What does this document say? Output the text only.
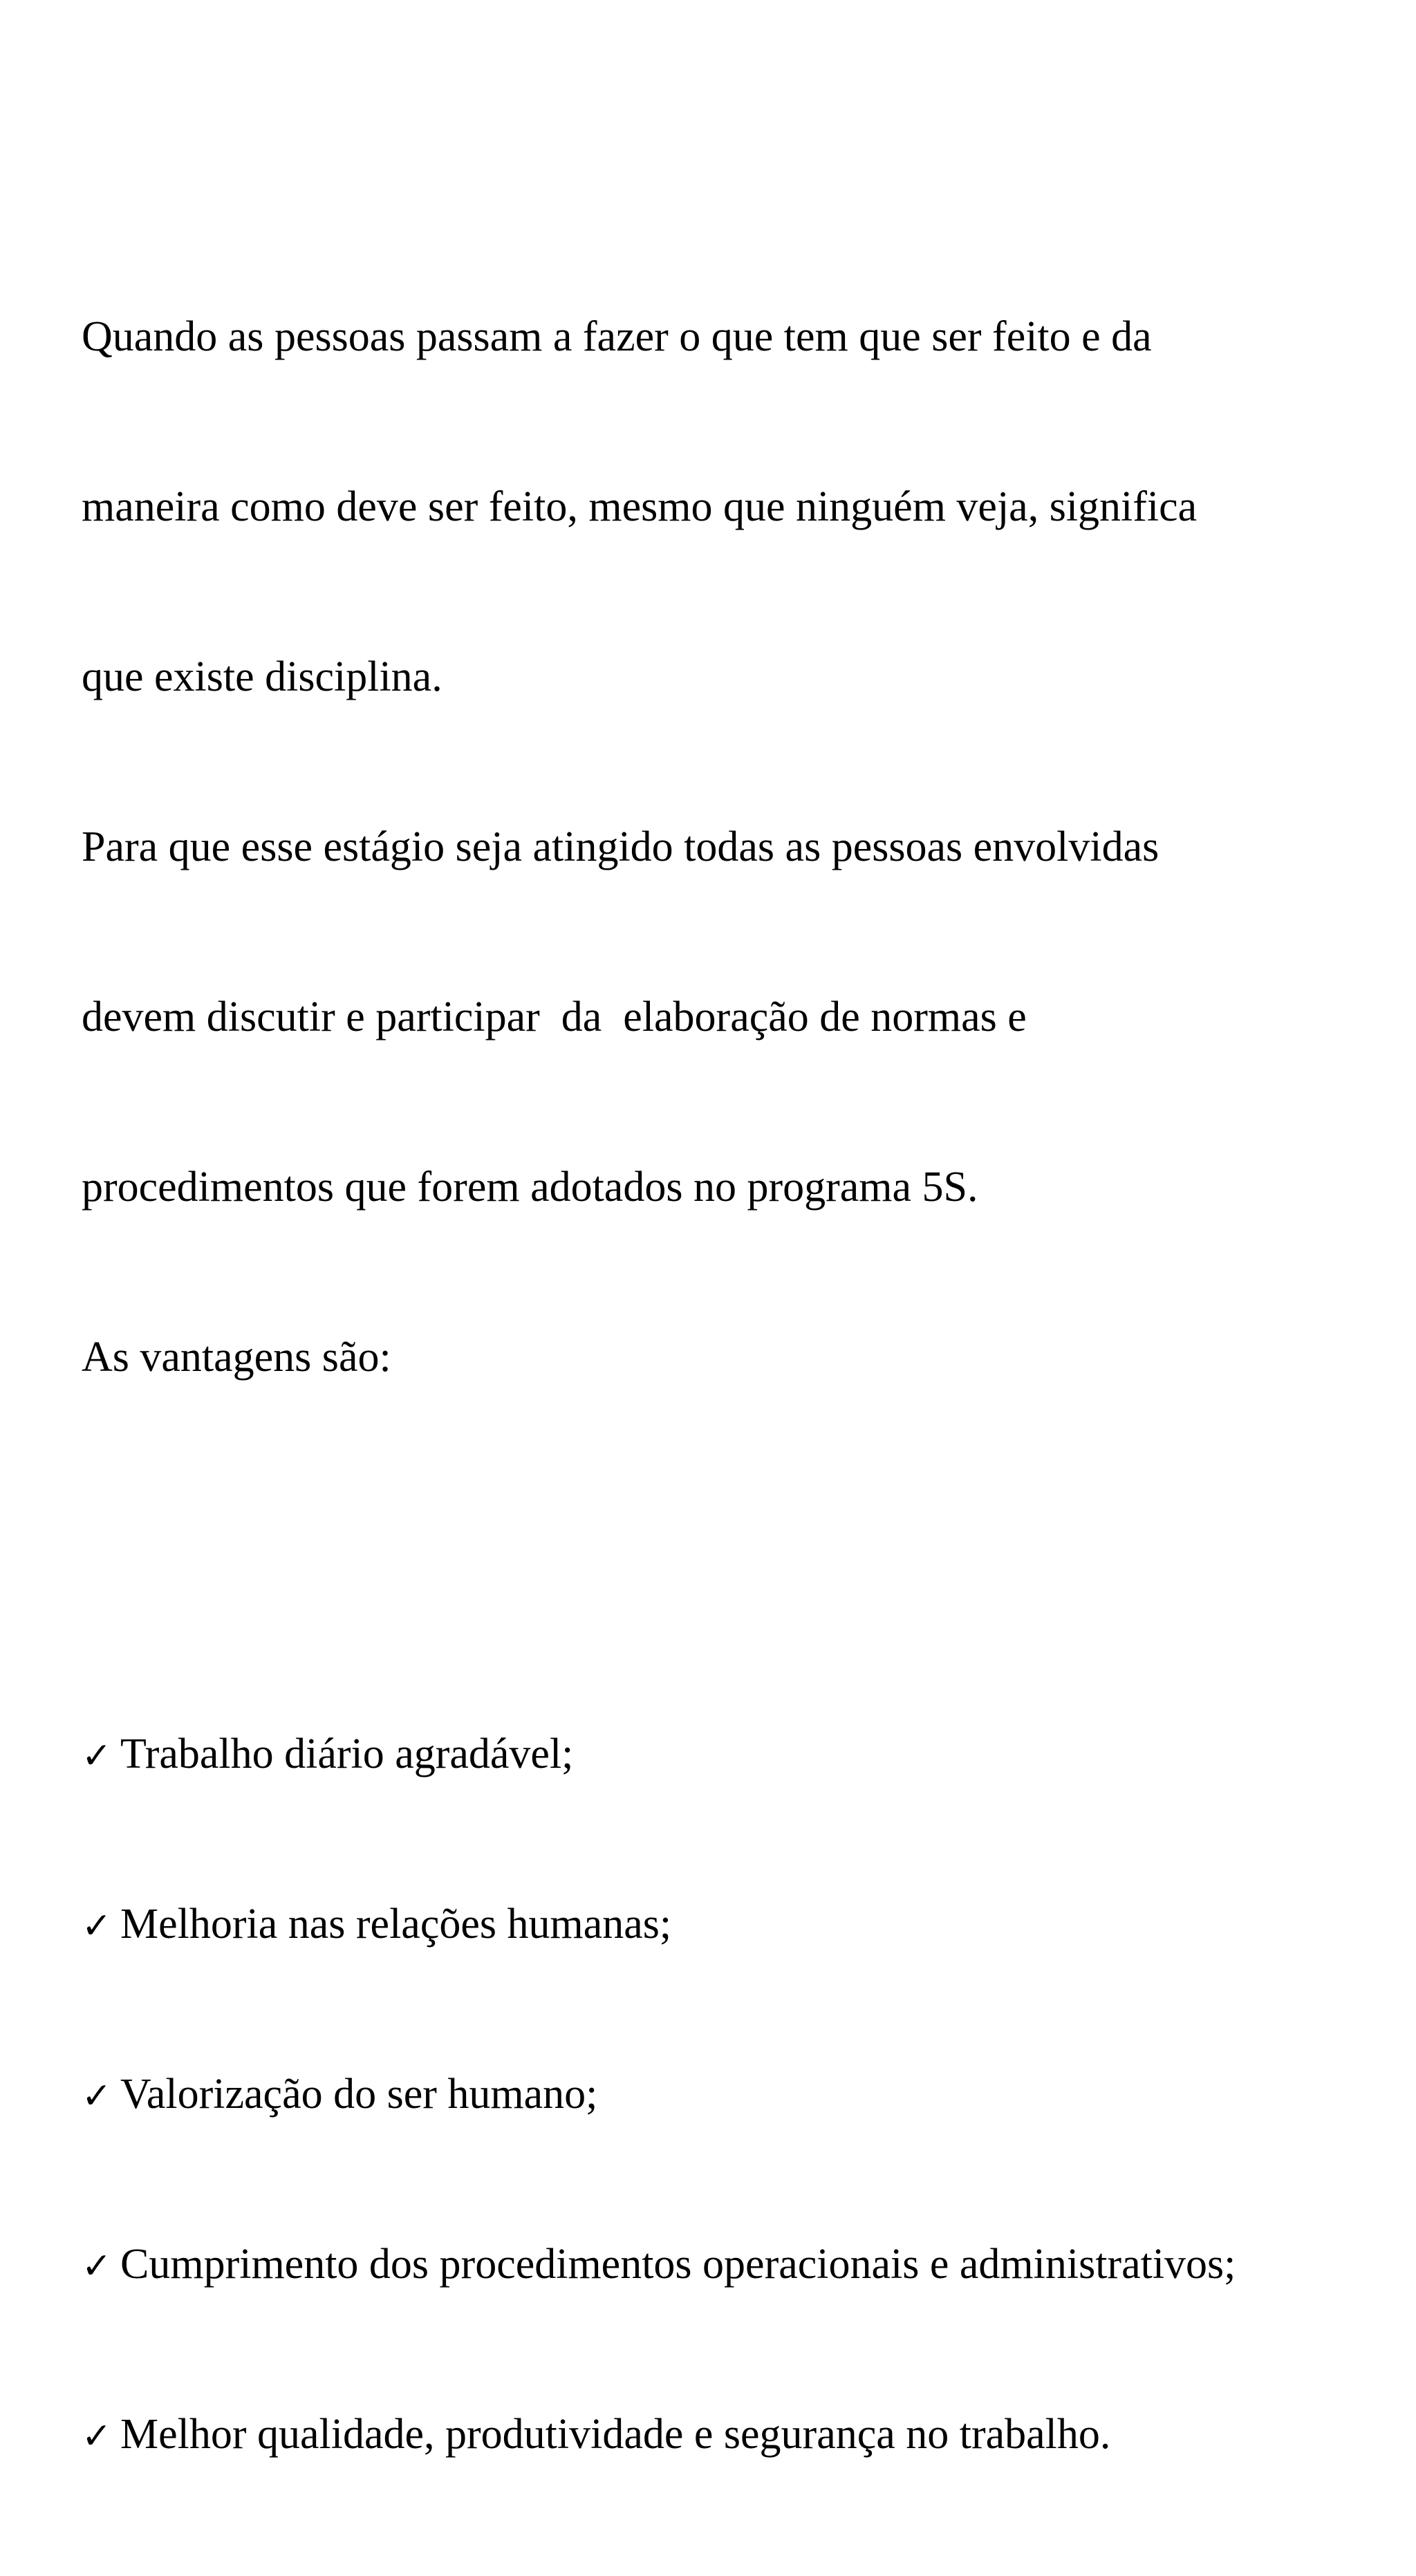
Quando as pessoas passam a fazer o que tem que ser feito e da

maneira como deve ser feito, mesmo que ninguém veja, significa

que existe disciplina.

Para que esse estágio seja atingido todas as pessoas envolvidas

devem discutir e participar  da  elaboração de normas e

procedimentos que forem adotados no programa 5S.

As vantagens são:

✓ Trabalho diário agradável;

✓ Melhoria nas relações humanas;

✓ Valorização do ser humano;

✓ Cumprimento dos procedimentos operacionais e administrativos;

✓ Melhor qualidade, produtividade e segurança no trabalho.
